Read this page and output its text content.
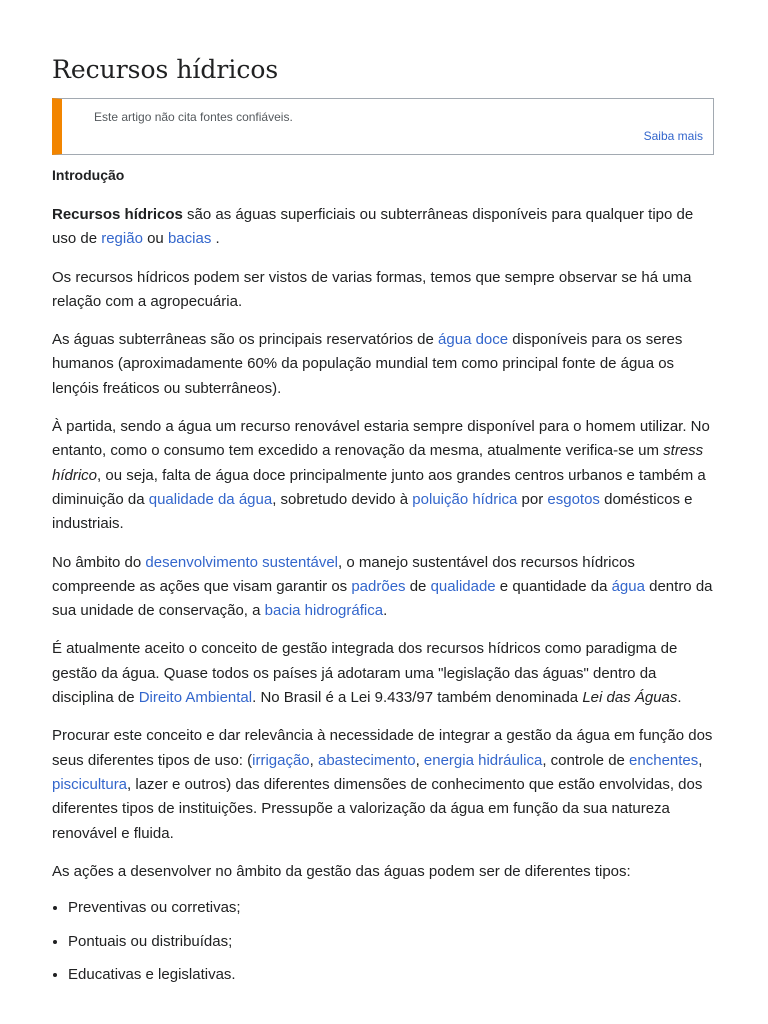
Recursos hídricos
Este artigo não cita fontes confiáveis.
Saiba mais
Introdução

Recursos hídricos são as águas superficiais ou subterrâneas disponíveis para qualquer tipo de uso de região ou bacias .

Os recursos hídricos podem ser vistos de varias formas, temos que sempre observar se há uma relação com a agropecuária.

As águas subterrâneas são os principais reservatórios de água doce disponíveis para os seres humanos (aproximadamente 60% da população mundial tem como principal fonte de água os lençóis freáticos ou subterrâneos).

À partida, sendo a água um recurso renovável estaria sempre disponível para o homem utilizar. No entanto, como o consumo tem excedido a renovação da mesma, atualmente verifica-se um stress hídrico, ou seja, falta de água doce principalmente junto aos grandes centros urbanos e também a diminuição da qualidade da água, sobretudo devido à poluição hídrica por esgotos domésticos e industriais.

No âmbito do desenvolvimento sustentável, o manejo sustentável dos recursos hídricos compreende as ações que visam garantir os padrões de qualidade e quantidade da água dentro da sua unidade de conservação, a bacia hidrográfica.

É atualmente aceito o conceito de gestão integrada dos recursos hídricos como paradigma de gestão da água. Quase todos os países já adotaram uma "legislação das águas" dentro da disciplina de Direito Ambiental. No Brasil é a Lei 9.433/97 também denominada Lei das Águas.

Procurar este conceito e dar relevância à necessidade de integrar a gestão da água em função dos seus diferentes tipos de uso: (irrigação, abastecimento, energia hidráulica, controle de enchentes, piscicultura, lazer e outros) das diferentes dimensões de conhecimento que estão envolvidas, dos diferentes tipos de instituições. Pressupõe a valorização da água em função da sua natureza renovável e fluida.

As ações a desenvolver no âmbito da gestão das águas podem ser de diferentes tipos:

• Preventivas ou corretivas;
• Pontuais ou distribuídas;
• Educativas e legislativas.
